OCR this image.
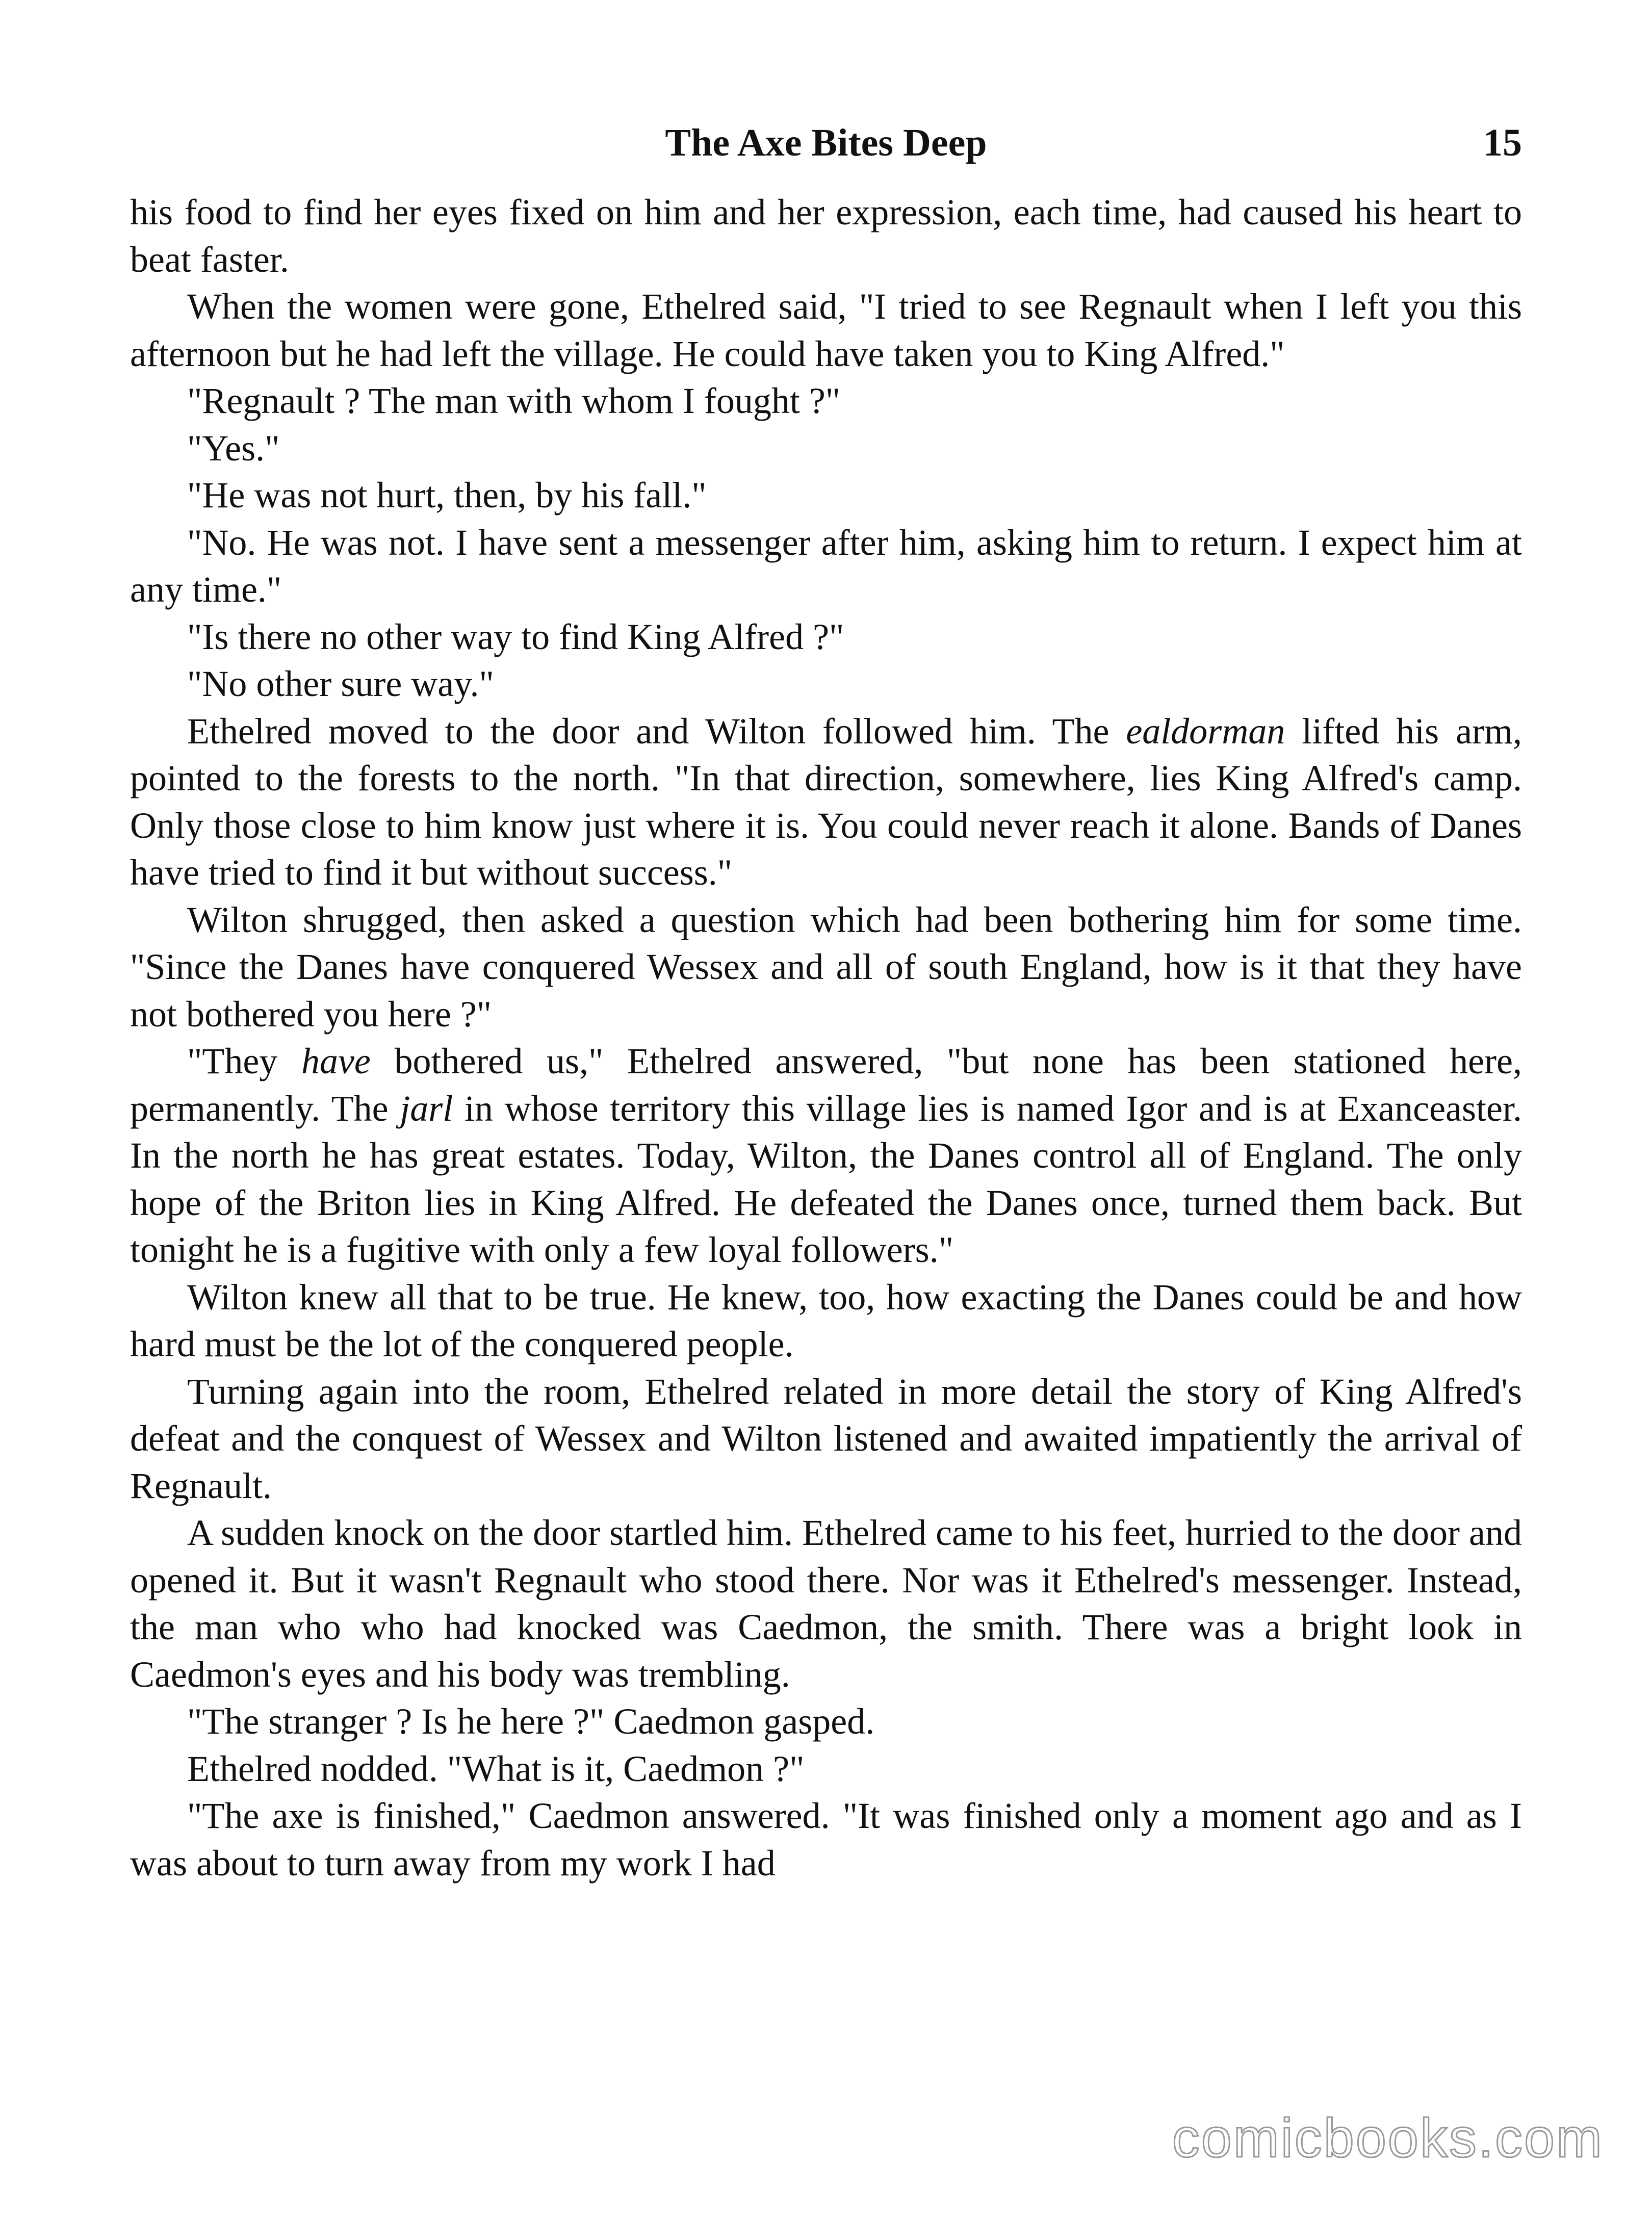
The Axe Bites Deep	15

his food to find her eyes fixed on him and her expression, each time, had caused his heart to beat faster.

When the women were gone, Ethelred said, "I tried to see Regnault when I left you this afternoon but he had left the village. He could have taken you to King Alfred."

"Regnault ? The man with whom I fought ?"

"Yes."

"He was not hurt, then, by his fall."

"No. He was not. I have sent a messenger after him, asking him to return. I expect him at any time."

"Is there no other way to find King Alfred ?"

"No other sure way."

Ethelred moved to the door and Wilton followed him. The ealdorman lifted his arm, pointed to the forests to the north. "In that direction, somewhere, lies King Alfred's camp. Only those close to him know just where it is. You could never reach it alone. Bands of Danes have tried to find it but without success."

Wilton shrugged, then asked a question which had been bothering him for some time. "Since the Danes have conquered Wessex and all of south England, how is it that they have not bothered you here ?"

"They have bothered us," Ethelred answered, "but none has been stationed here, permanently. The jarl in whose territory this village lies is named Igor and is at Exanceaster. In the north he has great estates. Today, Wilton, the Danes control all of England. The only hope of the Briton lies in King Alfred. He defeated the Danes once, turned them back. But tonight he is a fugitive with only a few loyal followers."

Wilton knew all that to be true. He knew, too, how exacting the Danes could be and how hard must be the lot of the conquered people.

Turning again into the room, Ethelred related in more detail the story of King Alfred's defeat and the conquest of Wessex and Wilton listened and awaited impatiently the arrival of Regnault.

A sudden knock on the door startled him. Ethelred came to his feet, hurried to the door and opened it. But it wasn't Regnault who stood there. Nor was it Ethelred's messenger. Instead, the man who who had knocked was Caedmon, the smith. There was a bright look in Caedmon's eyes and his body was trembling.

"The stranger ? Is he here ?" Caedmon gasped.

Ethelred nodded. "What is it, Caedmon ?"

"The axe is finished," Caedmon answered. "It was finished only a moment ago and as I was about to turn away from my work I had

comicbooks.com
